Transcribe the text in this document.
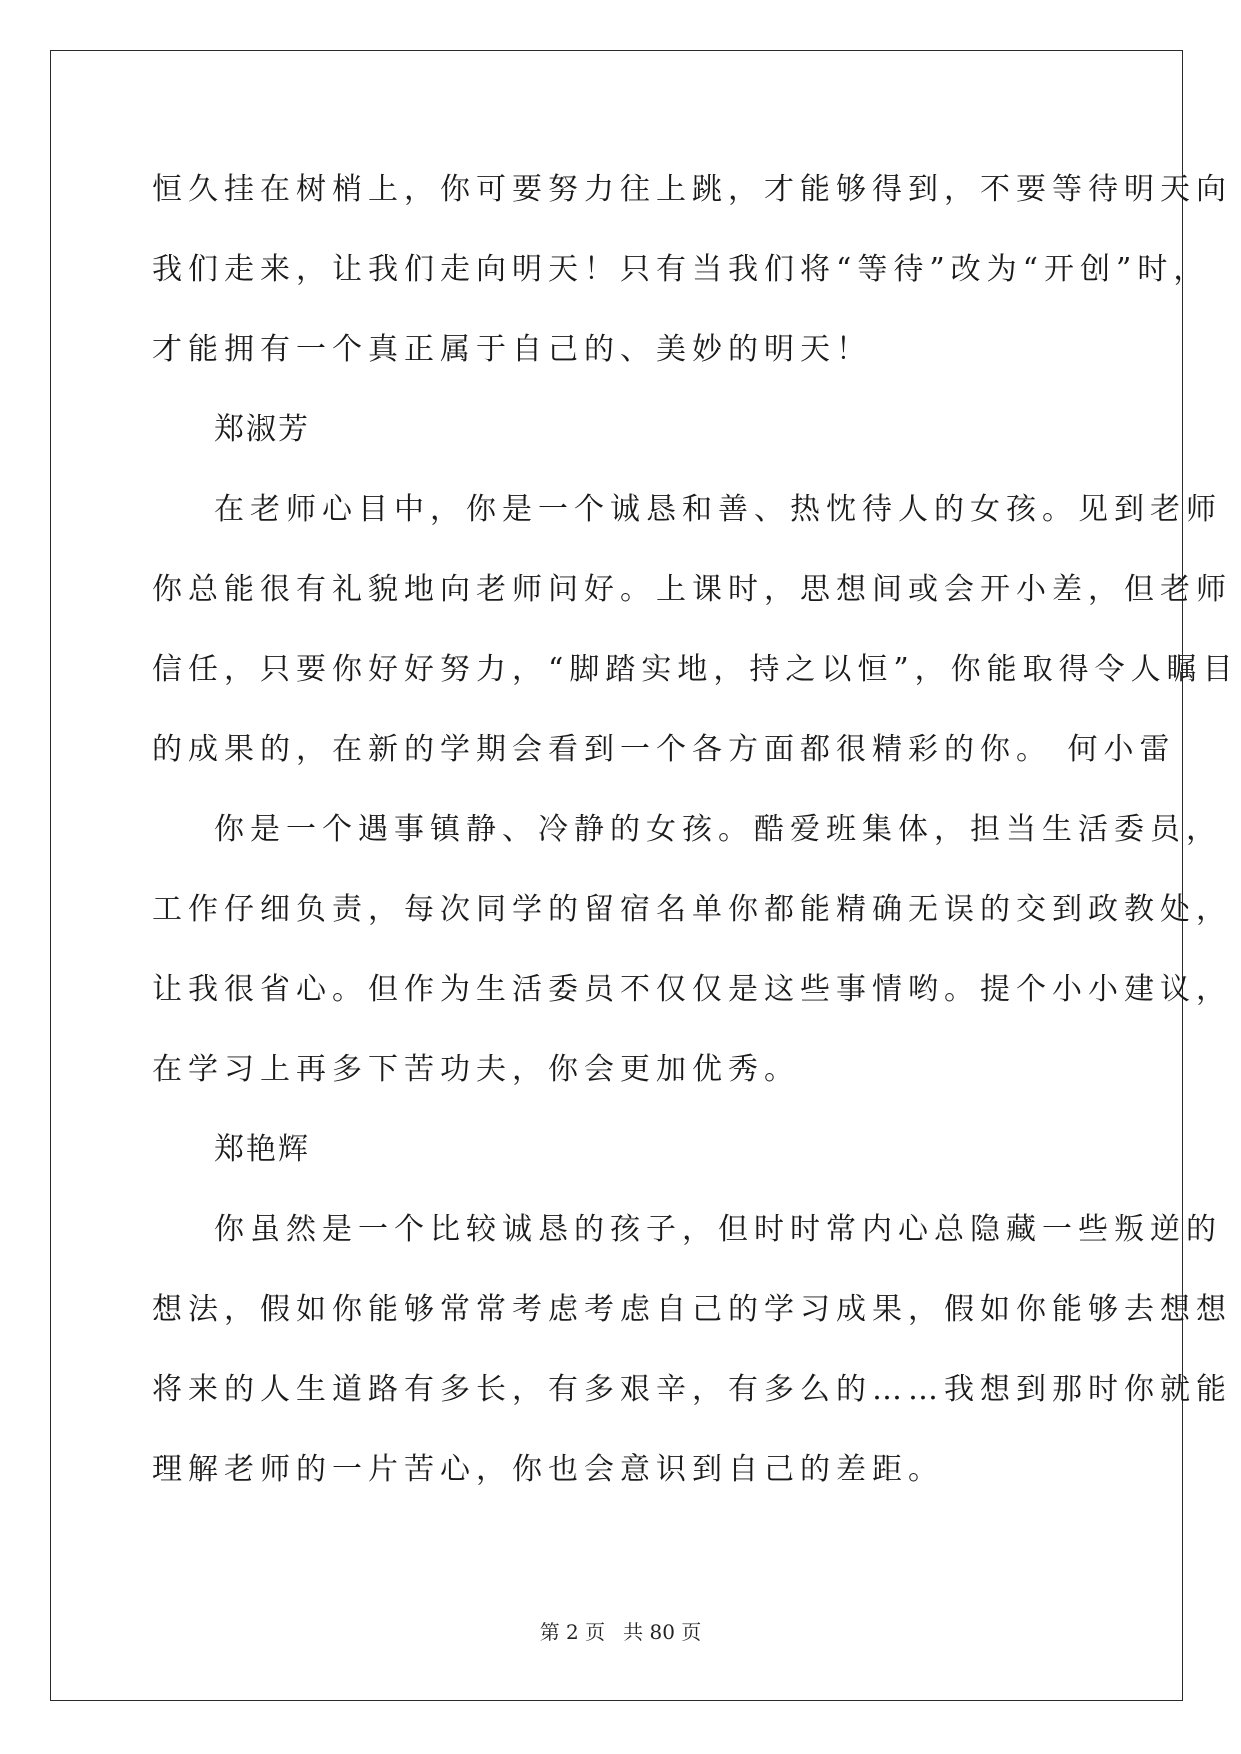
恒久挂在树梢上，你可要努力往上跳，才能够得到，不要等待明天向
我们走来，让我们走向明天！只有当我们将“等待”改为“开创”时，
才能拥有一个真正属于自己的、美妙的明天！
郑淑芳
在老师心目中，你是一个诚恳和善、热忱待人的女孩。见到老师
你总能很有礼貌地向老师问好。上课时，思想间或会开小差，但老师
信任，只要你好好努力，“脚踏实地，持之以恒”，你能取得令人瞩目
的成果的，在新的学期会看到一个各方面都很精彩的你。 何小雷
你是一个遇事镇静、冷静的女孩。酷爱班集体，担当生活委员，
工作仔细负责，每次同学的留宿名单你都能精确无误的交到政教处，
让我很省心。但作为生活委员不仅仅是这些事情哟。提个小小建议，
在学习上再多下苦功夫，你会更加优秀。
郑艳辉
你虽然是一个比较诚恳的孩子，但时时常内心总隐藏一些叛逆的
想法，假如你能够常常考虑考虑自己的学习成果，假如你能够去想想
将来的人生道路有多长，有多艰辛，有多么的……我想到那时你就能
理解老师的一片苦心，你也会意识到自己的差距。
第 2 页 共 80 页
